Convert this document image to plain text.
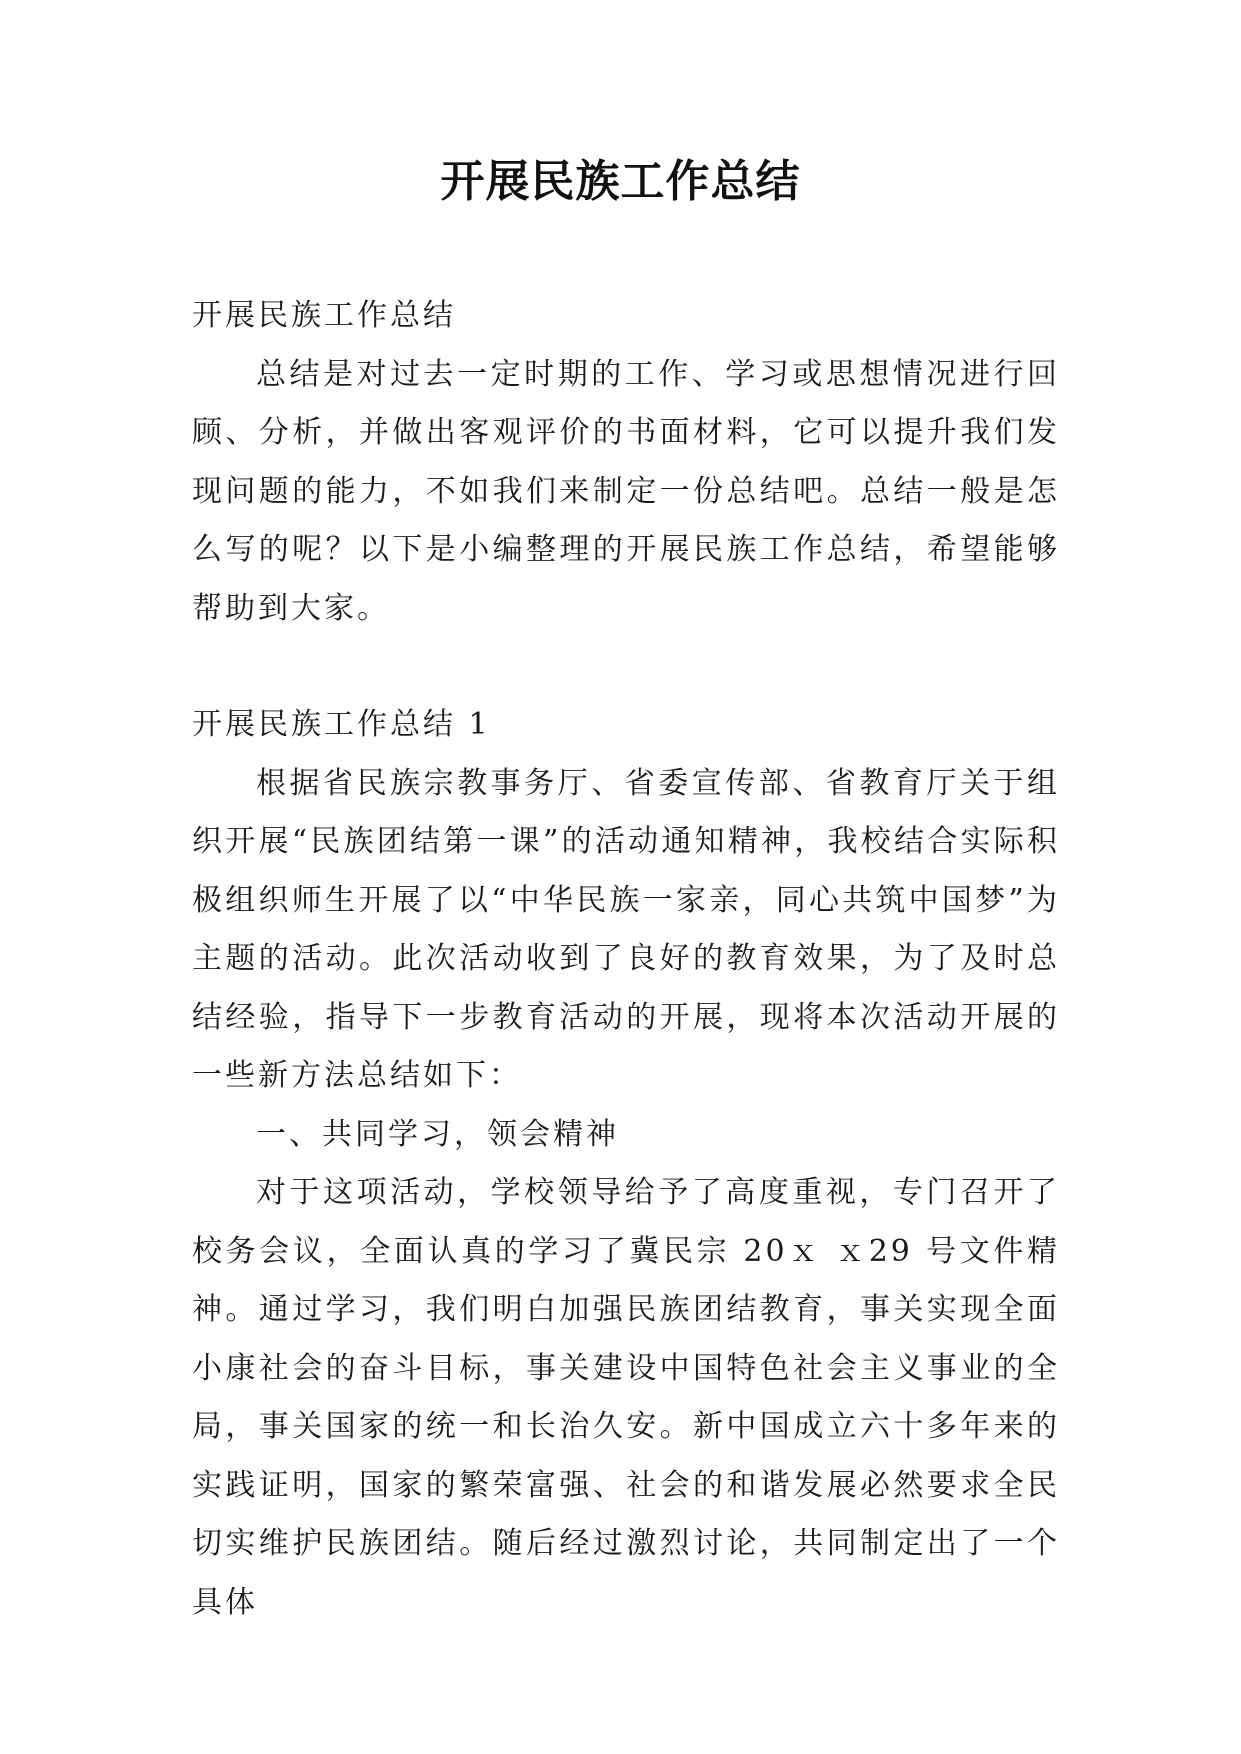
开展民族工作总结

开展民族工作总结

总结是对过去一定时期的工作、学习或思想情况进行回顾、分析，并做出客观评价的书面材料，它可以提升我们发现问题的能力，不如我们来制定一份总结吧。总结一般是怎么写的呢？以下是小编整理的开展民族工作总结，希望能够帮助到大家。

开展民族工作总结 1

根据省民族宗教事务厅、省委宣传部、省教育厅关于组织开展“民族团结第一课”的活动通知精神，我校结合实际积极组织师生开展了以“中华民族一家亲，同心共筑中国梦”为主题的活动。此次活动收到了良好的教育效果，为了及时总结经验，指导下一步教育活动的开展，现将本次活动开展的一些新方法总结如下：

一、共同学习，领会精神

对于这项活动，学校领导给予了高度重视，专门召开了校务会议，全面认真的学习了冀民宗 20ｘ ｘ29 号文件精神。通过学习，我们明白加强民族团结教育，事关实现全面小康社会的奋斗目标，事关建设中国特色社会主义事业的全局，事关国家的统一和长治久安。新中国成立六十多年来的实践证明，国家的繁荣富强、社会的和谐发展必然要求全民切实维护民族团结。随后经过激烈讨论，共同制定出了一个具体
